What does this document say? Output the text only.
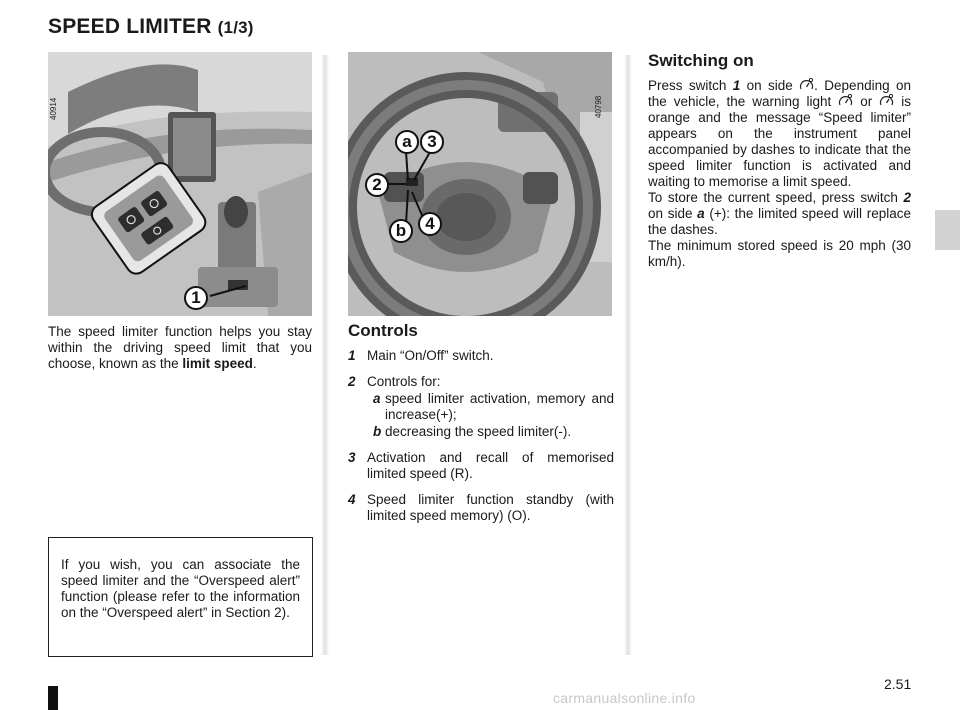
SPEED LIMITER (1/3)
40914
1
40798
a 3
2
4
b
The speed limiter function helps you stay within the driving speed limit that you choose, known as the limit speed.
Controls
1 Main “On/Off” switch.
2 Controls for:
a speed limiter activation, memory and increase(+);
b decreasing the speed limiter(-).
3 Activation and recall of memorised limited speed (R).
4 Speed limiter function standby (with limited speed memory) (O).
Switching on

Press switch 1 on side . Depending on the vehicle, the warning light  or  is orange and the message “Speed limiter” appears on the instrument panel accompanied by dashes to indicate that the speed limiter function is activated and waiting to memorise a limit speed.

To store the current speed, press switch 2 on side a (+): the limited speed will replace the dashes.

The minimum stored speed is 20 mph (30 km/h).

If you wish, you can associate the speed limiter and the “Overspeed alert” function (please refer to the information on the “Overspeed alert” in Section 2).

2.51
carmanualsonline.info
